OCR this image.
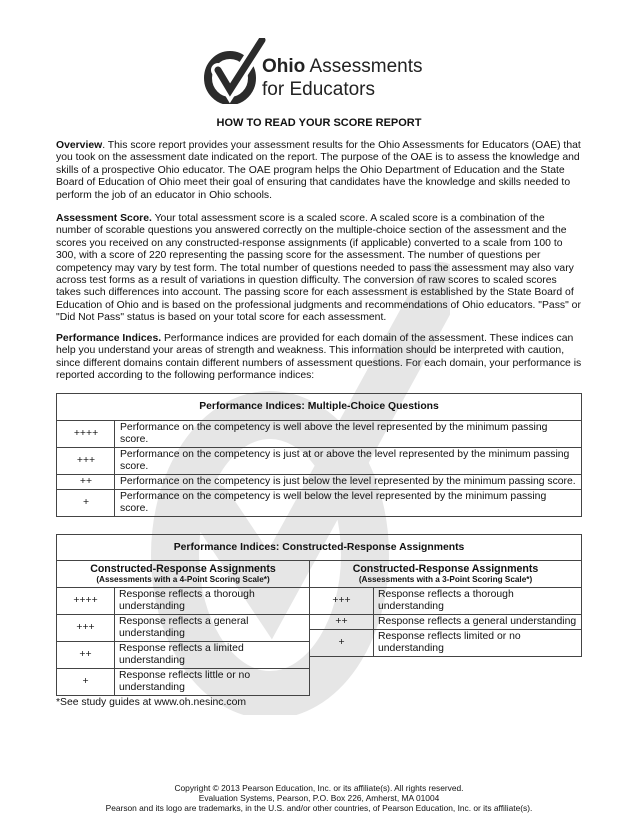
Ohio Assessments
for Educators
HOW TO READ YOUR SCORE REPORT
Overview. This score report provides your assessment results for the Ohio Assessments for Educators (OAE) that you took on the assessment date indicated on the report. The purpose of the OAE is to assess the knowledge and skills of a prospective Ohio educator. The OAE program helps the Ohio Department of Education and the State Board of Education of Ohio meet their goal of ensuring that candidates have the knowledge and skills needed to perform the job of an educator in Ohio schools.
Assessment Score. Your total assessment score is a scaled score. A scaled score is a combination of the number of scorable questions you answered correctly on the multiple-choice section of the assessment and the scores you received on any constructed-response assignments (if applicable) converted to a scale from 100 to 300, with a score of 220 representing the passing score for the assessment. The number of questions per competency may vary by test form. The total number of questions needed to pass the assessment may also vary across test forms as a result of variations in question difficulty. The conversion of raw scores to scaled scores takes such differences into account. The passing score for each assessment is established by the State Board of Education of Ohio and is based on the professional judgments and recommendations of Ohio educators. "Pass" or "Did Not Pass" status is based on your total score for each assessment.
Performance Indices. Performance indices are provided for each domain of the assessment. These indices can help you understand your areas of strength and weakness. This information should be interpreted with caution, since different domains contain different numbers of assessment questions. For each domain, your performance is reported according to the following performance indices:
Performance Indices: Multiple-Choice Questions	
++++	Performance on the competency is well above the level represented by the minimum passing score.
+++	Performance on the competency is just at or above the level represented by the minimum passing score.
++	Performance on the competency is just below the level represented by the minimum passing score.
+	Performance on the competency is well below the level represented by the minimum passing score.
Performance Indices: Constructed-Response Assignments
Constructed-Response Assignments
(Assessments with a 4-Point Scoring Scale*)	

++++	Response reflects a thorough understanding
+++	Response reflects a general understanding
++	Response reflects a limited understanding
+	Response reflects little or no understanding
Constructed-Response Assignments
(Assessments with a 3-Point Scoring Scale*)	

+++	Response reflects a thorough understanding
++	Response reflects a general understanding
+	Response reflects limited or no understanding
*See study guides at www.oh.nesinc.com
Copyright © 2013 Pearson Education, Inc. or its affiliate(s). All rights reserved.
Evaluation Systems, Pearson, P.O. Box 226, Amherst, MA 01004
Pearson and its logo are trademarks, in the U.S. and/or other countries, of Pearson Education, Inc. or its affiliate(s).
